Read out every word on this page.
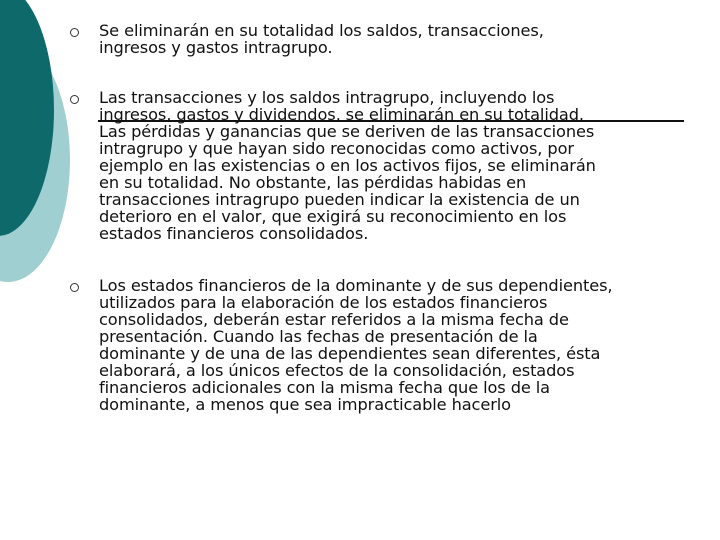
Se eliminarán en su totalidad los saldos, transacciones,
ingresos y gastos intragrupo.
Las transacciones y los saldos intragrupo, incluyendo los
ingresos, gastos y dividendos, se eliminarán en su totalidad.
Las pérdidas y ganancias que se deriven de las transacciones
intragrupo y que hayan sido reconocidas como activos, por
ejemplo en las existencias o en los activos fijos, se eliminarán
en su totalidad. No obstante, las pérdidas habidas en
transacciones intragrupo pueden indicar la existencia de un
deterioro en el valor, que exigirá su reconocimiento en los
estados financieros consolidados.
Los estados financieros de la dominante y de sus dependientes,
utilizados para la elaboración de los estados financieros
consolidados, deberán estar referidos a la misma fecha de
presentación. Cuando las fechas de presentación de la
dominante y de una de las dependientes sean diferentes, ésta
elaborará, a los únicos efectos de la consolidación, estados
financieros adicionales con la misma fecha que los de la
dominante, a menos que sea impracticable hacerlo
